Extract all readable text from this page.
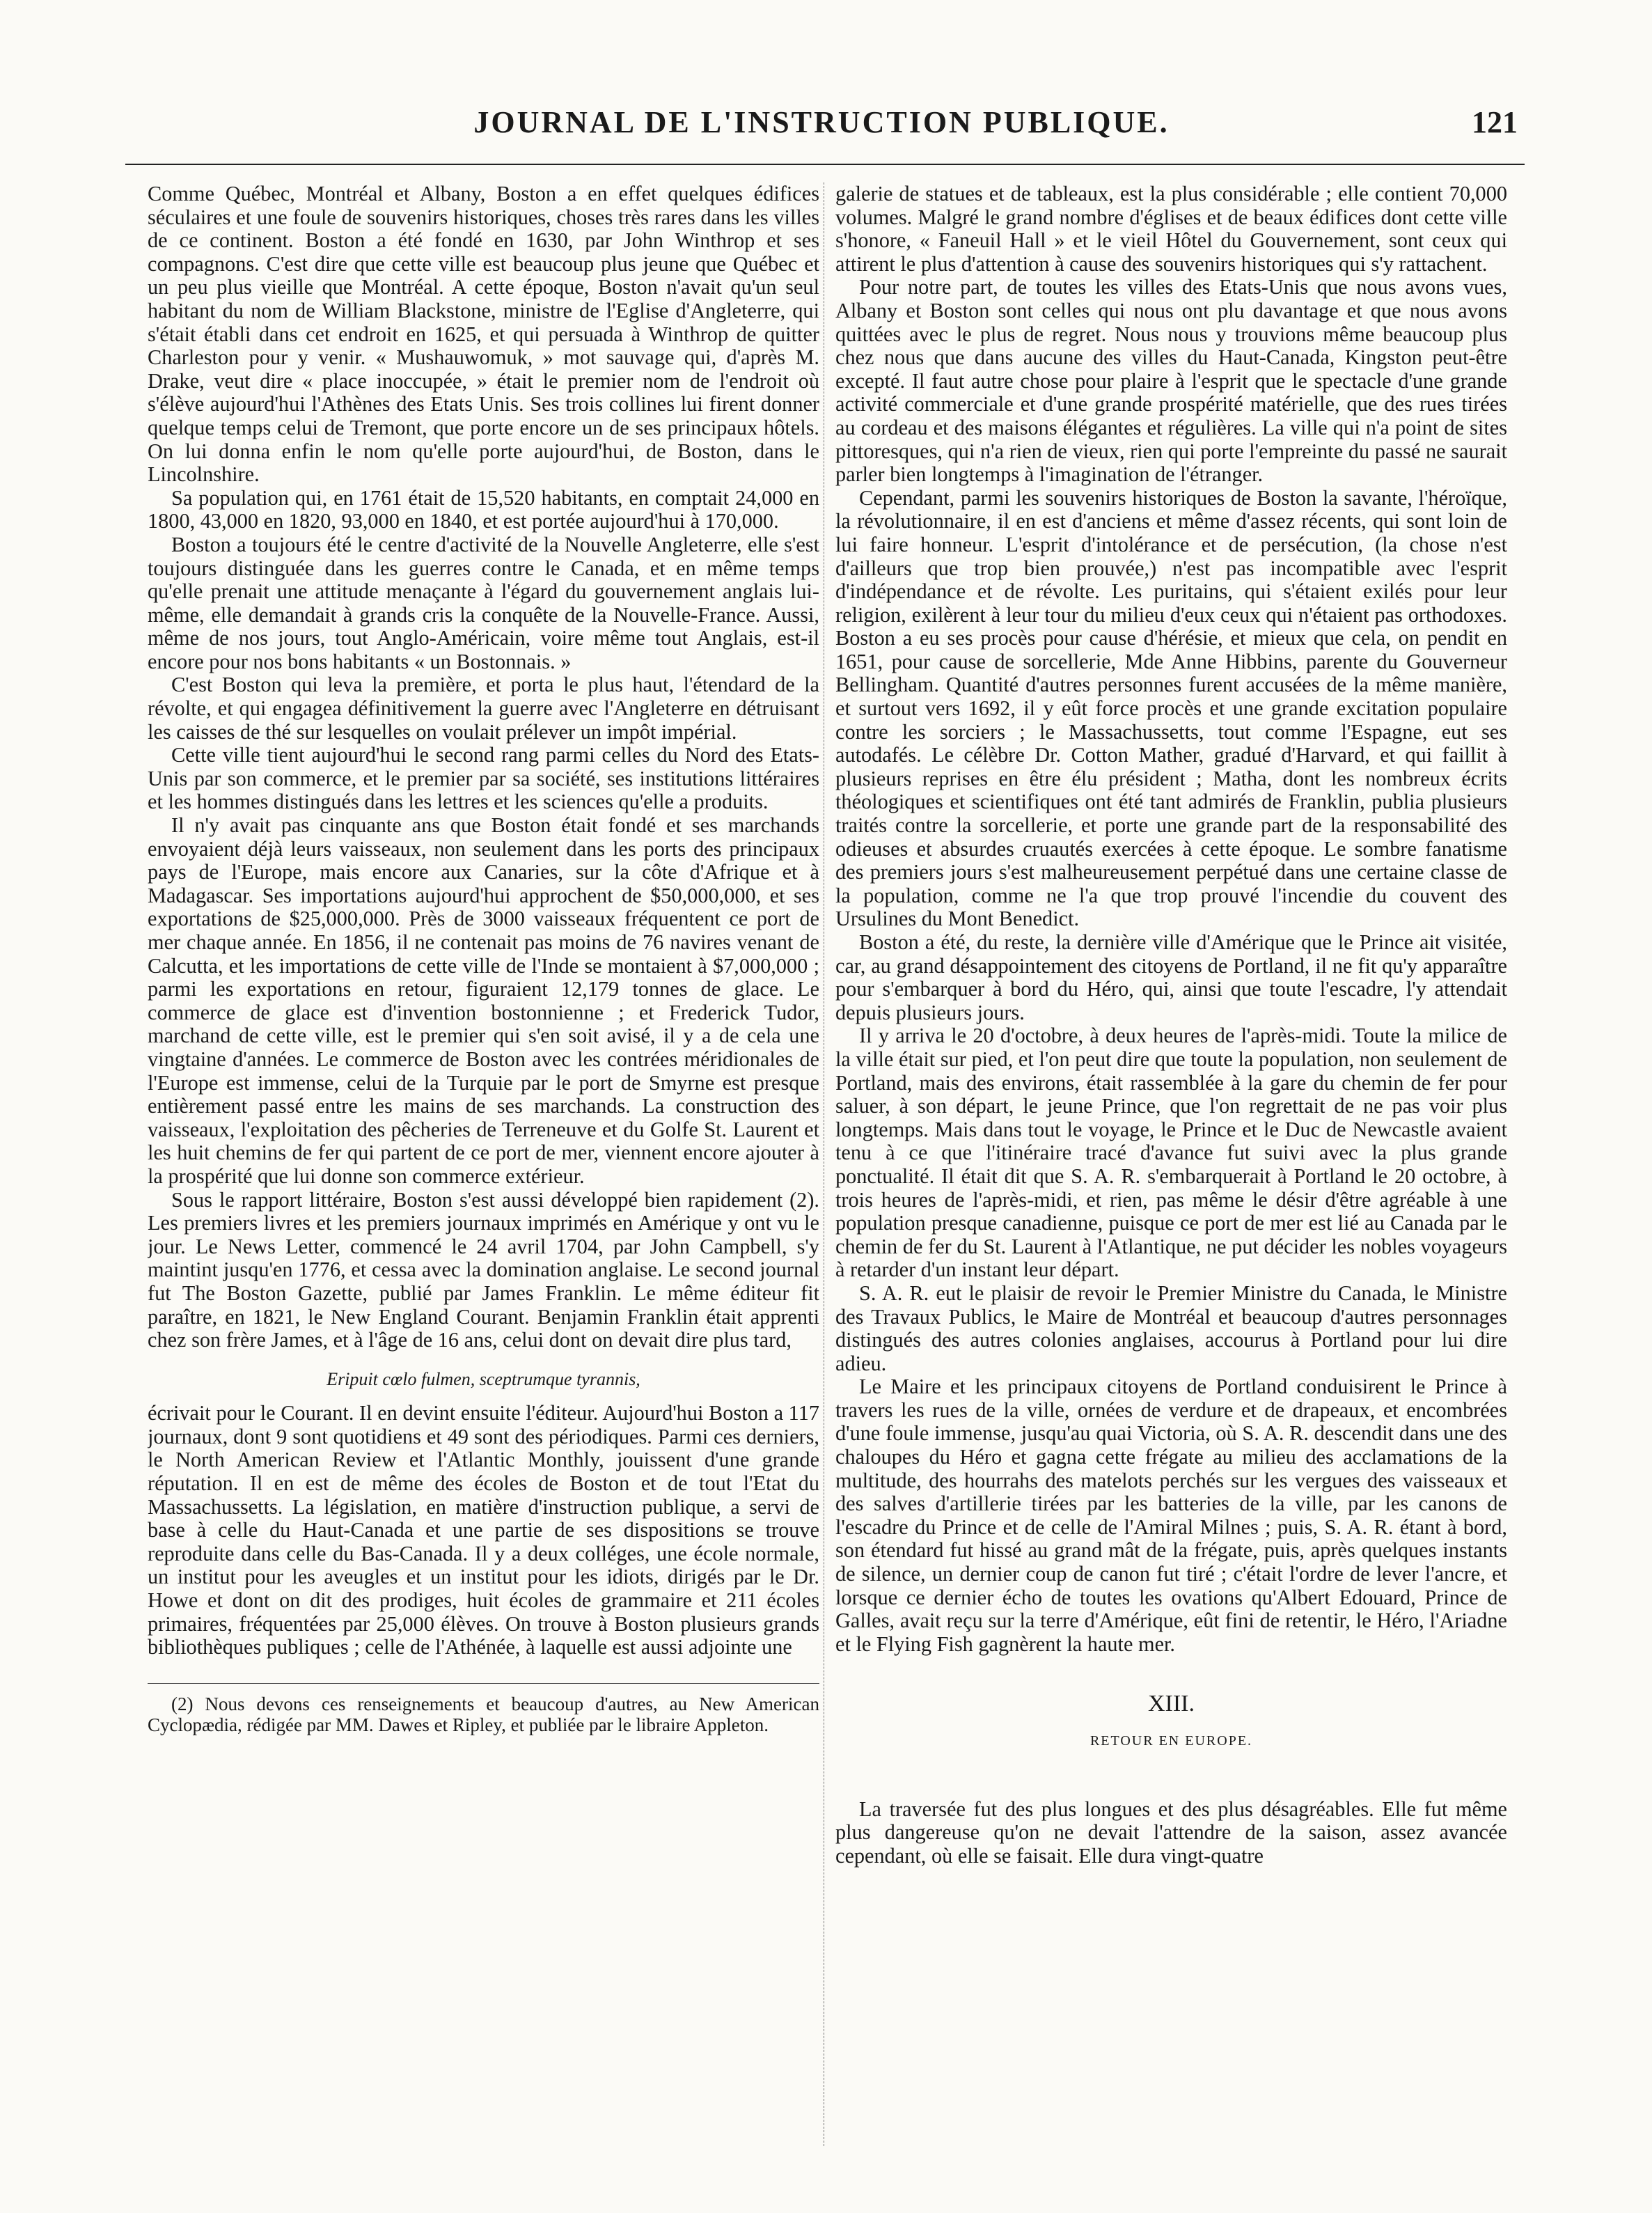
JOURNAL DE L'INSTRUCTION PUBLIQUE.	121

Comme Québec, Montréal et Albany, Boston a en effet quelques édifices séculaires et une foule de souvenirs historiques, choses très rares dans les villes de ce continent. Boston a été fondé en 1630, par John Winthrop et ses compagnons. C'est dire que cette ville est beaucoup plus jeune que Québec et un peu plus vieille que Montréal. A cette époque, Boston n'avait qu'un seul habitant du nom de William Blackstone, ministre de l'Eglise d'Angleterre, qui s'était établi dans cet endroit en 1625, et qui persuada à Winthrop de quitter Charleston pour y venir. « Mushauwomuk, » mot sauvage qui, d'après M. Drake, veut dire « place inoccupée, » était le premier nom de l'endroit où s'élève aujourd'hui l'Athènes des Etats Unis. Ses trois collines lui firent donner quelque temps celui de Tremont, que porte encore un de ses principaux hôtels. On lui donna enfin le nom qu'elle porte aujourd'hui, de Boston, dans le Lincolnshire.

Sa population qui, en 1761 était de 15,520 habitants, en comptait 24,000 en 1800, 43,000 en 1820, 93,000 en 1840, et est portée aujourd'hui à 170,000.

Boston a toujours été le centre d'activité de la Nouvelle Angleterre, elle s'est toujours distinguée dans les guerres contre le Canada, et en même temps qu'elle prenait une attitude menaçante à l'égard du gouvernement anglais lui-même, elle demandait à grands cris la conquête de la Nouvelle-France. Aussi, même de nos jours, tout Anglo-Américain, voire même tout Anglais, est-il encore pour nos bons habitants « un Bostonnais. »

C'est Boston qui leva la première, et porta le plus haut, l'étendard de la révolte, et qui engagea définitivement la guerre avec l'Angleterre en détruisant les caisses de thé sur lesquelles on voulait prélever un impôt impérial.

Cette ville tient aujourd'hui le second rang parmi celles du Nord des Etats-Unis par son commerce, et le premier par sa société, ses institutions littéraires et les hommes distingués dans les lettres et les sciences qu'elle a produits.

Il n'y avait pas cinquante ans que Boston était fondé et ses marchands envoyaient déjà leurs vaisseaux, non seulement dans les ports des principaux pays de l'Europe, mais encore aux Canaries, sur la côte d'Afrique et à Madagascar. Ses importations aujourd'hui approchent de $50,000,000, et ses exportations de $25,000,000. Près de 3000 vaisseaux fréquentent ce port de mer chaque année. En 1856, il ne contenait pas moins de 76 navires venant de Calcutta, et les importations de cette ville de l'Inde se montaient à $7,000,000 ; parmi les exportations en retour, figuraient 12,179 tonnes de glace. Le commerce de glace est d'invention bostonnienne ; et Frederick Tudor, marchand de cette ville, est le premier qui s'en soit avisé, il y a de cela une vingtaine d'années. Le commerce de Boston avec les contrées méridionales de l'Europe est immense, celui de la Turquie par le port de Smyrne est presque entièrement passé entre les mains de ses marchands. La construction des vaisseaux, l'exploitation des pêcheries de Terreneuve et du Golfe St. Laurent et les huit chemins de fer qui partent de ce port de mer, viennent encore ajouter à la prospérité que lui donne son commerce extérieur.

Sous le rapport littéraire, Boston s'est aussi développé bien rapidement (2). Les premiers livres et les premiers journaux imprimés en Amérique y ont vu le jour. Le News Letter, commencé le 24 avril 1704, par John Campbell, s'y maintint jusqu'en 1776, et cessa avec la domination anglaise. Le second journal fut The Boston Gazette, publié par James Franklin. Le même éditeur fit paraître, en 1821, le New England Courant. Benjamin Franklin était apprenti chez son frère James, et à l'âge de 16 ans, celui dont on devait dire plus tard,

Eripuit cœlo fulmen, sceptrumque tyrannis,

écrivait pour le Courant. Il en devint ensuite l'éditeur. Aujourd'hui Boston a 117 journaux, dont 9 sont quotidiens et 49 sont des périodiques. Parmi ces derniers, le North American Review et l'Atlantic Monthly, jouissent d'une grande réputation. Il en est de même des écoles de Boston et de tout l'Etat du Massachussetts. La législation, en matière d'instruction publique, a servi de base à celle du Haut-Canada et une partie de ses dispositions se trouve reproduite dans celle du Bas-Canada. Il y a deux colléges, une école normale, un institut pour les aveugles et un institut pour les idiots, dirigés par le Dr. Howe et dont on dit des prodiges, huit écoles de grammaire et 211 écoles primaires, fréquentées par 25,000 élèves. On trouve à Boston plusieurs grands bibliothèques publiques ; celle de l'Athénée, à laquelle est aussi adjointe une

(2) Nous devons ces renseignements et beaucoup d'autres, au New American Cyclopædia, rédigée par MM. Dawes et Ripley, et publiée par le libraire Appleton.

galerie de statues et de tableaux, est la plus considérable ; elle contient 70,000 volumes. Malgré le grand nombre d'églises et de beaux édifices dont cette ville s'honore, « Faneuil Hall » et le vieil Hôtel du Gouvernement, sont ceux qui attirent le plus d'attention à cause des souvenirs historiques qui s'y rattachent.

Pour notre part, de toutes les villes des Etats-Unis que nous avons vues, Albany et Boston sont celles qui nous ont plu davantage et que nous avons quittées avec le plus de regret. Nous nous y trouvions même beaucoup plus chez nous que dans aucune des villes du Haut-Canada, Kingston peut-être excepté. Il faut autre chose pour plaire à l'esprit que le spectacle d'une grande activité commerciale et d'une grande prospérité matérielle, que des rues tirées au cordeau et des maisons élégantes et régulières. La ville qui n'a point de sites pittoresques, qui n'a rien de vieux, rien qui porte l'empreinte du passé ne saurait parler bien longtemps à l'imagination de l'étranger.

Cependant, parmi les souvenirs historiques de Boston la savante, l'héroïque, la révolutionnaire, il en est d'anciens et même d'assez récents, qui sont loin de lui faire honneur. L'esprit d'intolérance et de persécution, (la chose n'est d'ailleurs que trop bien prouvée,) n'est pas incompatible avec l'esprit d'indépendance et de révolte. Les puritains, qui s'étaient exilés pour leur religion, exilèrent à leur tour du milieu d'eux ceux qui n'étaient pas orthodoxes. Boston a eu ses procès pour cause d'hérésie, et mieux que cela, on pendit en 1651, pour cause de sorcellerie, Mde Anne Hibbins, parente du Gouverneur Bellingham. Quantité d'autres personnes furent accusées de la même manière, et surtout vers 1692, il y eût force procès et une grande excitation populaire contre les sorciers ; le Massachussetts, tout comme l'Espagne, eut ses autodafés. Le célèbre Dr. Cotton Mather, gradué d'Harvard, et qui faillit à plusieurs reprises en être élu président ; Matha, dont les nombreux écrits théologiques et scientifiques ont été tant admirés de Franklin, publia plusieurs traités contre la sorcellerie, et porte une grande part de la responsabilité des odieuses et absurdes cruautés exercées à cette époque. Le sombre fanatisme des premiers jours s'est malheureusement perpétué dans une certaine classe de la population, comme ne l'a que trop prouvé l'incendie du couvent des Ursulines du Mont Benedict.

Boston a été, du reste, la dernière ville d'Amérique que le Prince ait visitée, car, au grand désappointement des citoyens de Portland, il ne fit qu'y apparaître pour s'embarquer à bord du Héro, qui, ainsi que toute l'escadre, l'y attendait depuis plusieurs jours.

Il y arriva le 20 d'octobre, à deux heures de l'après-midi. Toute la milice de la ville était sur pied, et l'on peut dire que toute la population, non seulement de Portland, mais des environs, était rassemblée à la gare du chemin de fer pour saluer, à son départ, le jeune Prince, que l'on regrettait de ne pas voir plus longtemps. Mais dans tout le voyage, le Prince et le Duc de Newcastle avaient tenu à ce que l'itinéraire tracé d'avance fut suivi avec la plus grande ponctualité. Il était dit que S. A. R. s'embarquerait à Portland le 20 octobre, à trois heures de l'après-midi, et rien, pas même le désir d'être agréable à une population presque canadienne, puisque ce port de mer est lié au Canada par le chemin de fer du St. Laurent à l'Atlantique, ne put décider les nobles voyageurs à retarder d'un instant leur départ.

S. A. R. eut le plaisir de revoir le Premier Ministre du Canada, le Ministre des Travaux Publics, le Maire de Montréal et beaucoup d'autres personnages distingués des autres colonies anglaises, accourus à Portland pour lui dire adieu.

Le Maire et les principaux citoyens de Portland conduisirent le Prince à travers les rues de la ville, ornées de verdure et de drapeaux, et encombrées d'une foule immense, jusqu'au quai Victoria, où S. A. R. descendit dans une des chaloupes du Héro et gagna cette frégate au milieu des acclamations de la multitude, des hourrahs des matelots perchés sur les vergues des vaisseaux et des salves d'artillerie tirées par les batteries de la ville, par les canons de l'escadre du Prince et de celle de l'Amiral Milnes ; puis, S. A. R. étant à bord, son étendard fut hissé au grand mât de la frégate, puis, après quelques instants de silence, un dernier coup de canon fut tiré ; c'était l'ordre de lever l'ancre, et lorsque ce dernier écho de toutes les ovations qu'Albert Edouard, Prince de Galles, avait reçu sur la terre d'Amérique, eût fini de retentir, le Héro, l'Ariadne et le Flying Fish gagnèrent la haute mer.

XIII.

RETOUR EN EUROPE.

La traversée fut des plus longues et des plus désagréables. Elle fut même plus dangereuse qu'on ne devait l'attendre de la saison, assez avancée cependant, où elle se faisait. Elle dura vingt-quatre
